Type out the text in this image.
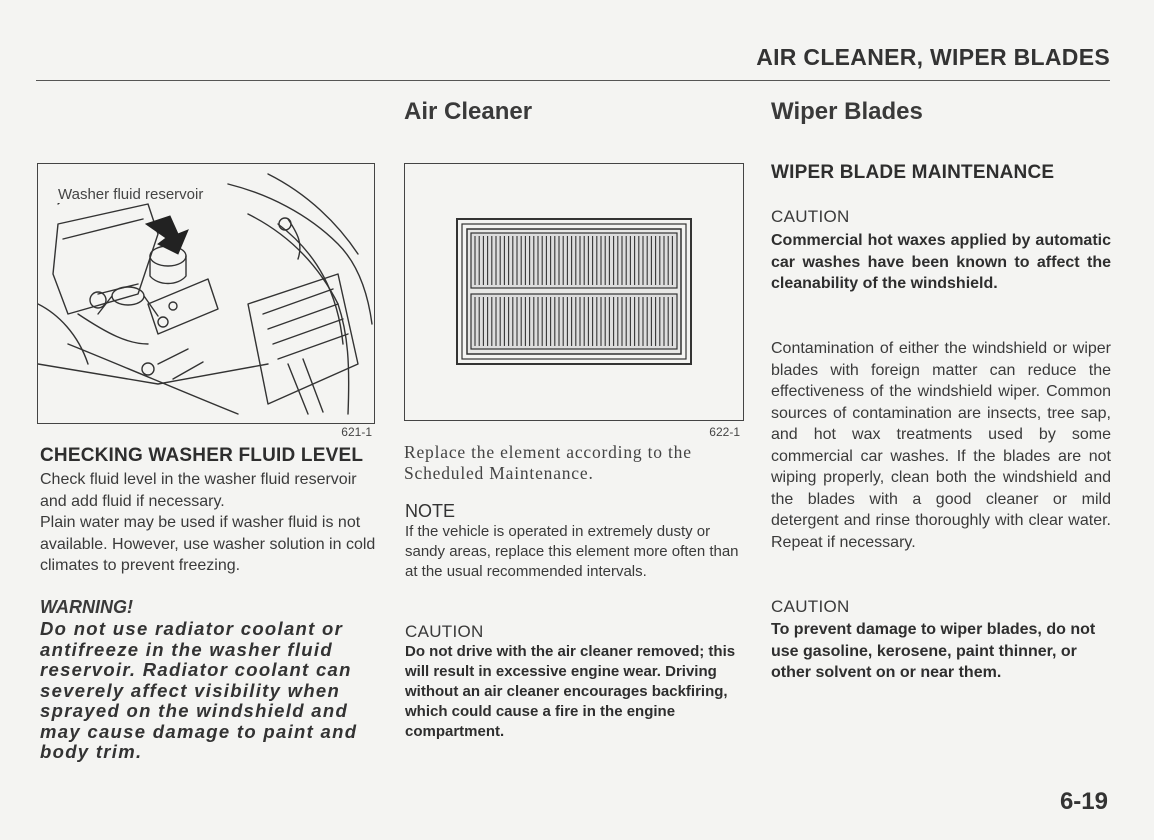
AIR CLEANER, WIPER BLADES
Air Cleaner	Wiper Blades
Washer fluid reservoir
621-1
CHECKING WASHER FLUID LEVEL
Check fluid level in the washer fluid reservoir and add fluid if necessary.
Plain water may be used if washer fluid is not available. However, use washer solution in cold climates to prevent freezing.
WARNING!
Do not use radiator coolant or antifreeze in the washer fluid reservoir. Radiator coolant can severely affect visibility when sprayed on the windshield and may cause damage to paint and body trim.
622-1
Replace the element according to the Scheduled Maintenance.
NOTE
If the vehicle is operated in extremely dusty or sandy areas, replace this element more often than at the usual recommended intervals.
CAUTION
Do not drive with the air cleaner removed; this will result in excessive engine wear. Driving without an air cleaner encourages backfiring, which could cause a fire in the engine compartment.
WIPER BLADE MAINTENANCE
CAUTION
Commercial hot waxes applied by automatic car washes have been known to affect the cleanability of the windshield.
Contamination of either the windshield or wiper blades with foreign matter can reduce the effectiveness of the windshield wiper. Common sources of contamination are insects, tree sap, and hot wax treatments used by some commercial car washes. If the blades are not wiping properly, clean both the windshield and the blades with a good cleaner or mild detergent and rinse thoroughly with clear water. Repeat if necessary.
CAUTION
To prevent damage to wiper blades, do not use gasoline, kerosene, paint thinner, or other solvent on or near them.
6-19
